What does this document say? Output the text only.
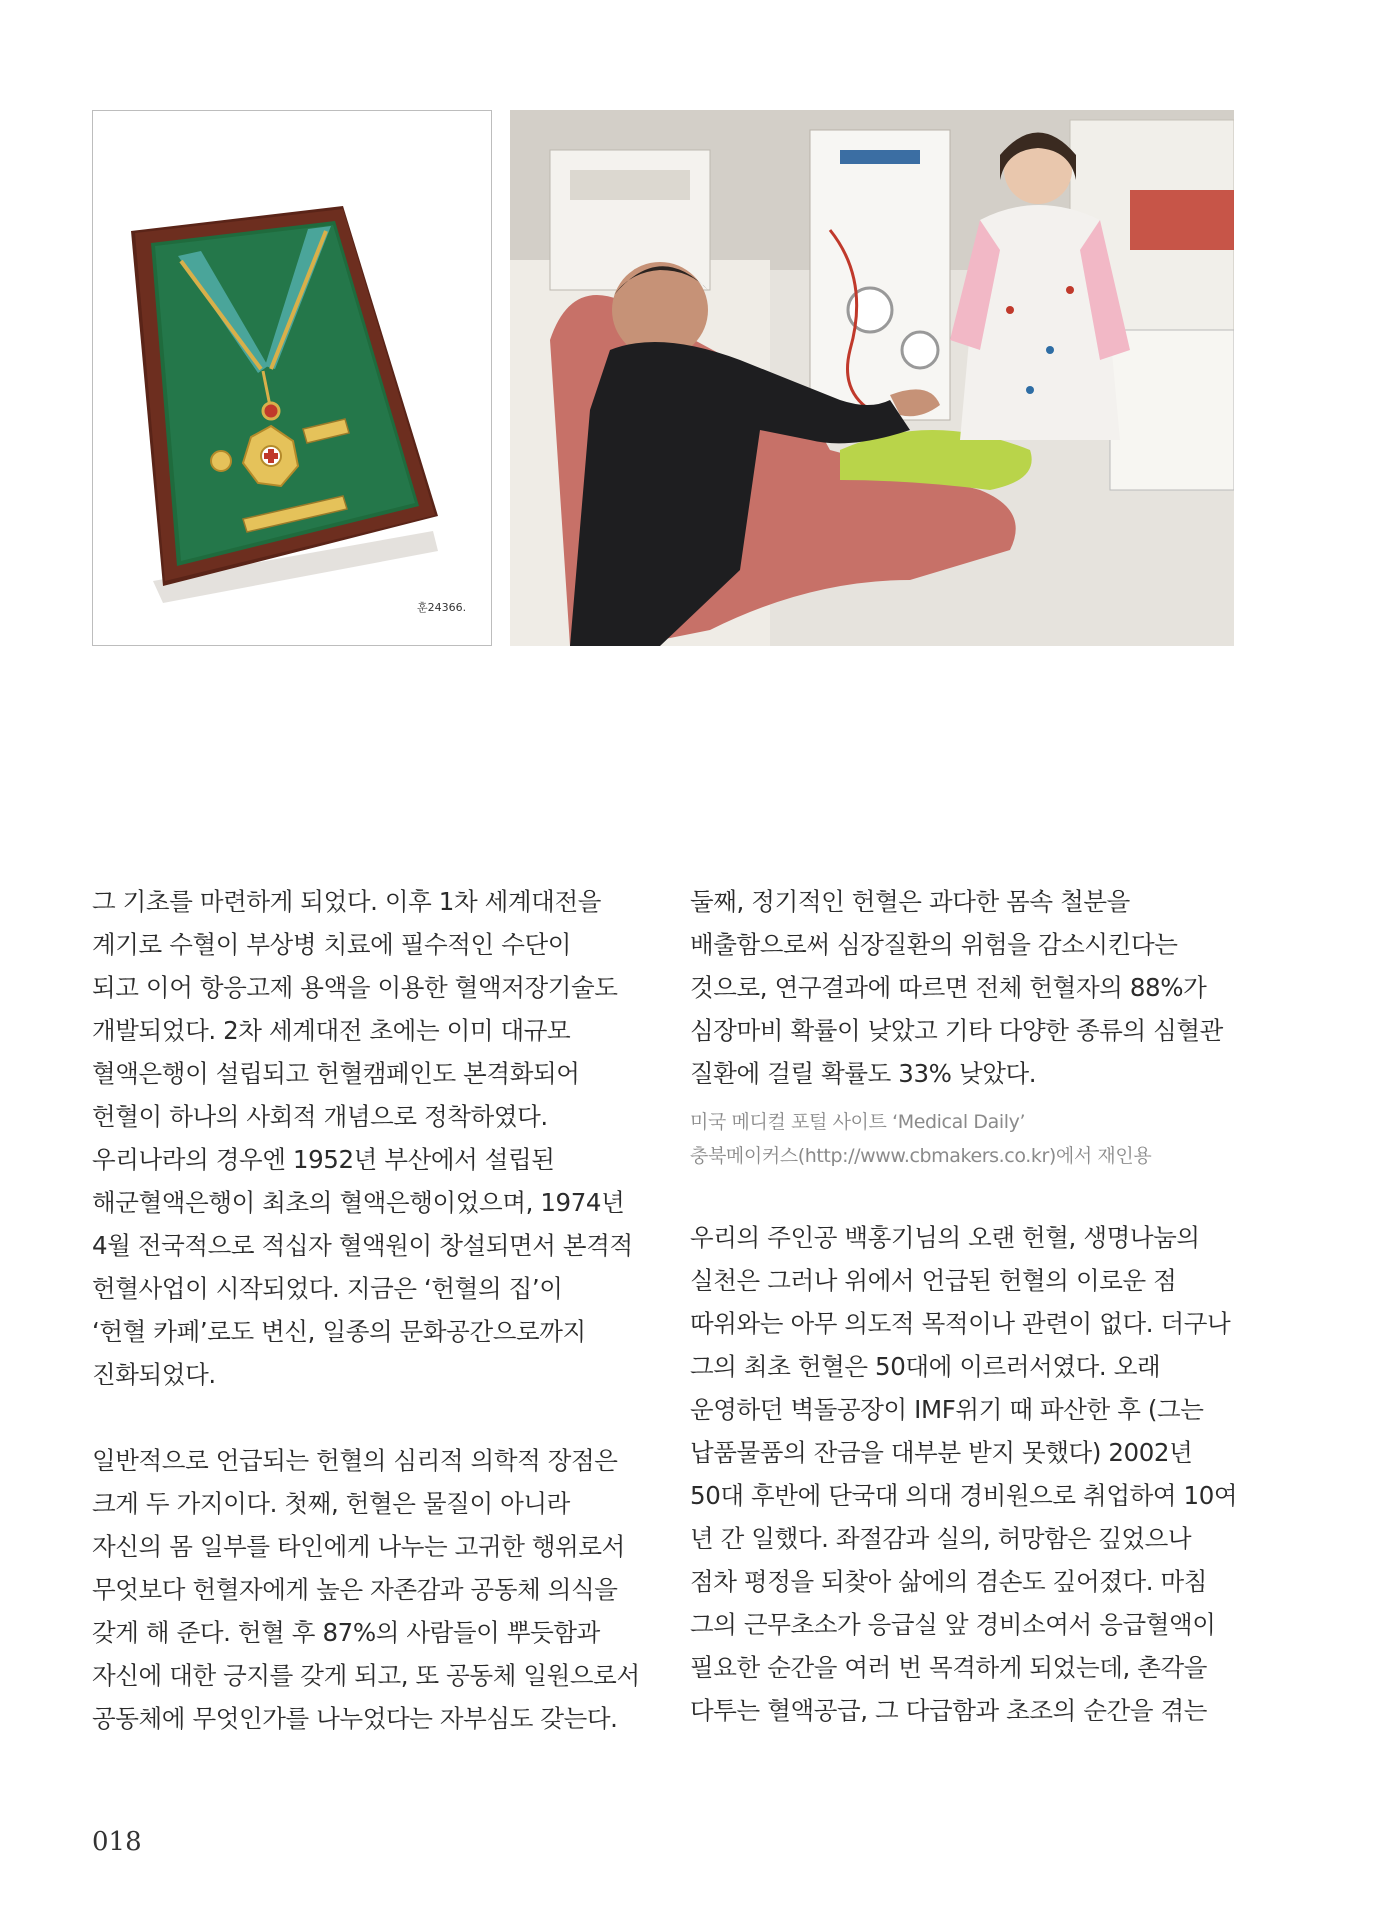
훈24366.

그 기초를 마련하게 되었다. 이후 1차 세계대전을
계기로 수혈이 부상병 치료에 필수적인 수단이
되고 이어 항응고제 용액을 이용한 혈액저장기술도
개발되었다. 2차 세계대전 초에는 이미 대규모
혈액은행이 설립되고 헌혈캠페인도 본격화되어
헌혈이 하나의 사회적 개념으로 정착하였다.
우리나라의 경우엔 1952년 부산에서 설립된
해군혈액은행이 최초의 혈액은행이었으며, 1974년
4월 전국적으로 적십자 혈액원이 창설되면서 본격적
헌혈사업이 시작되었다. 지금은 ‘헌혈의 집’이
‘헌혈 카페’로도 변신, 일종의 문화공간으로까지
진화되었다.

일반적으로 언급되는 헌혈의 심리적 의학적 장점은
크게 두 가지이다. 첫째, 헌혈은 물질이 아니라
자신의 몸 일부를 타인에게 나누는 고귀한 행위로서
무엇보다 헌혈자에게 높은 자존감과 공동체 의식을
갖게 해 준다. 헌혈 후 87%의 사람들이 뿌듯함과
자신에 대한 긍지를 갖게 되고, 또 공동체 일원으로서
공동체에 무엇인가를 나누었다는 자부심도 갖는다.

둘째, 정기적인 헌혈은 과다한 몸속 철분을
배출함으로써 심장질환의 위험을 감소시킨다는
것으로, 연구결과에 따르면 전체 헌혈자의 88%가
심장마비 확률이 낮았고 기타 다양한 종류의 심혈관
질환에 걸릴 확률도 33% 낮았다.

미국 메디컬 포털 사이트 ‘Medical Daily’
충북메이커스(http://www.cbmakers.co.kr)에서 재인용

우리의 주인공 백홍기님의 오랜 헌혈, 생명나눔의
실천은 그러나 위에서 언급된 헌혈의 이로운 점
따위와는 아무 의도적 목적이나 관련이 없다. 더구나
그의 최초 헌혈은 50대에 이르러서였다. 오래
운영하던 벽돌공장이 IMF위기 때 파산한 후 (그는
납품물품의 잔금을 대부분 받지 못했다) 2002년
50대 후반에 단국대 의대 경비원으로 취업하여 10여
년 간 일했다. 좌절감과 실의, 허망함은 깊었으나
점차 평정을 되찾아 삶에의 겸손도 깊어졌다. 마침
그의 근무초소가 응급실 앞 경비소여서 응급혈액이
필요한 순간을 여러 번 목격하게 되었는데, 촌각을
다투는 혈액공급, 그 다급함과 초조의 순간을 겪는

018
